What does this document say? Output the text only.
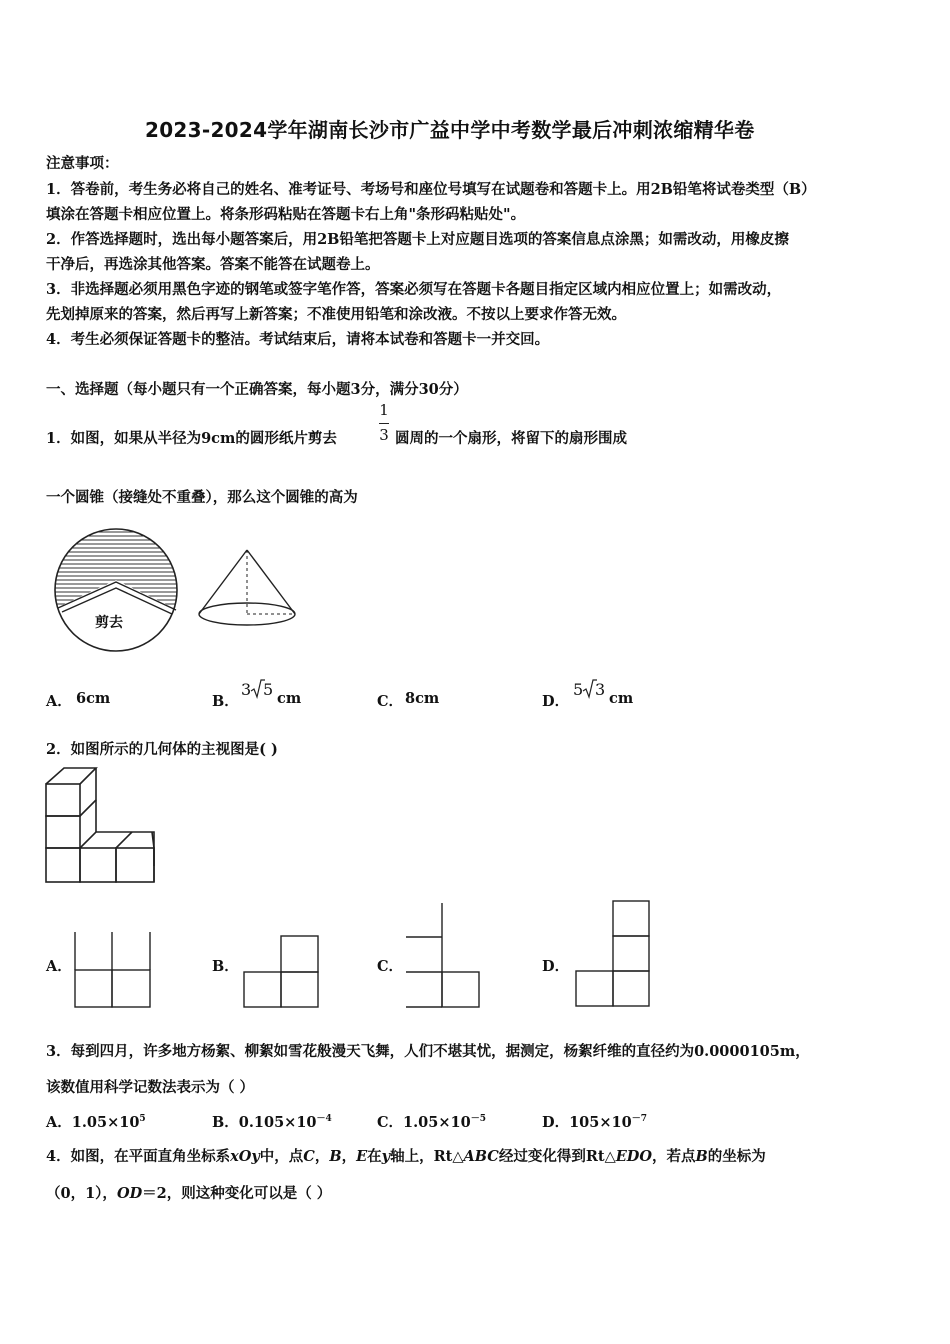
2023-2024学年湖南长沙市广益中学中考数学最后冲刺浓缩精华卷
注意事项：
1．答卷前，考生务必将自己的姓名、准考证号、考场号和座位号填写在试题卷和答题卡上。用2B铅笔将试卷类型（B）
填涂在答题卡相应位置上。将条形码粘贴在答题卡右上角"条形码粘贴处"。
2．作答选择题时，选出每小题答案后，用2B铅笔把答题卡上对应题目选项的答案信息点涂黑；如需改动，用橡皮擦
干净后，再选涂其他答案。答案不能答在试题卷上。
3．非选择题必须用黑色字迹的钢笔或签字笔作答，答案必须写在答题卡各题目指定区域内相应位置上；如需改动，
先划掉原来的答案，然后再写上新答案；不准使用铅笔和涂改液。不按以上要求作答无效。
4．考生必须保证答题卡的整洁。考试结束后，请将本试卷和答题卡一并交回。
一、选择题（每小题只有一个正确答案，每小题3分，满分30分）
1．如图，如果从半径为9cm的圆形纸片剪去
1
3 圆周的一个扇形，将留下的扇形围成
一个圆锥（接缝处不重叠），那么这个圆锥的高为
剪去
A． 6cm	B．
3 5 cm	C． 8cm	D．
5 3 cm
2．如图所示的几何体的主视图是( )
A．	B．	C．	D．
3．每到四月，许多地方杨絮、柳絮如雪花般漫天飞舞，人们不堪其忧，据测定，杨絮纤维的直径约为0.0000105m，
该数值用科学记数法表示为（ ）
A．$1.05\times 10^5$	B．$0.105\times 10^{-4}$	C．$1.05\times 10^{-5}$	D．$105\times 10^{-7}$
4．如图，在平面直角坐标系xOy中，点C，B，E在y轴上，Rt△ABC经过变化得到Rt△EDO，若点B的坐标为
（0，1），OD＝2，则这种变化可以是（ ）
